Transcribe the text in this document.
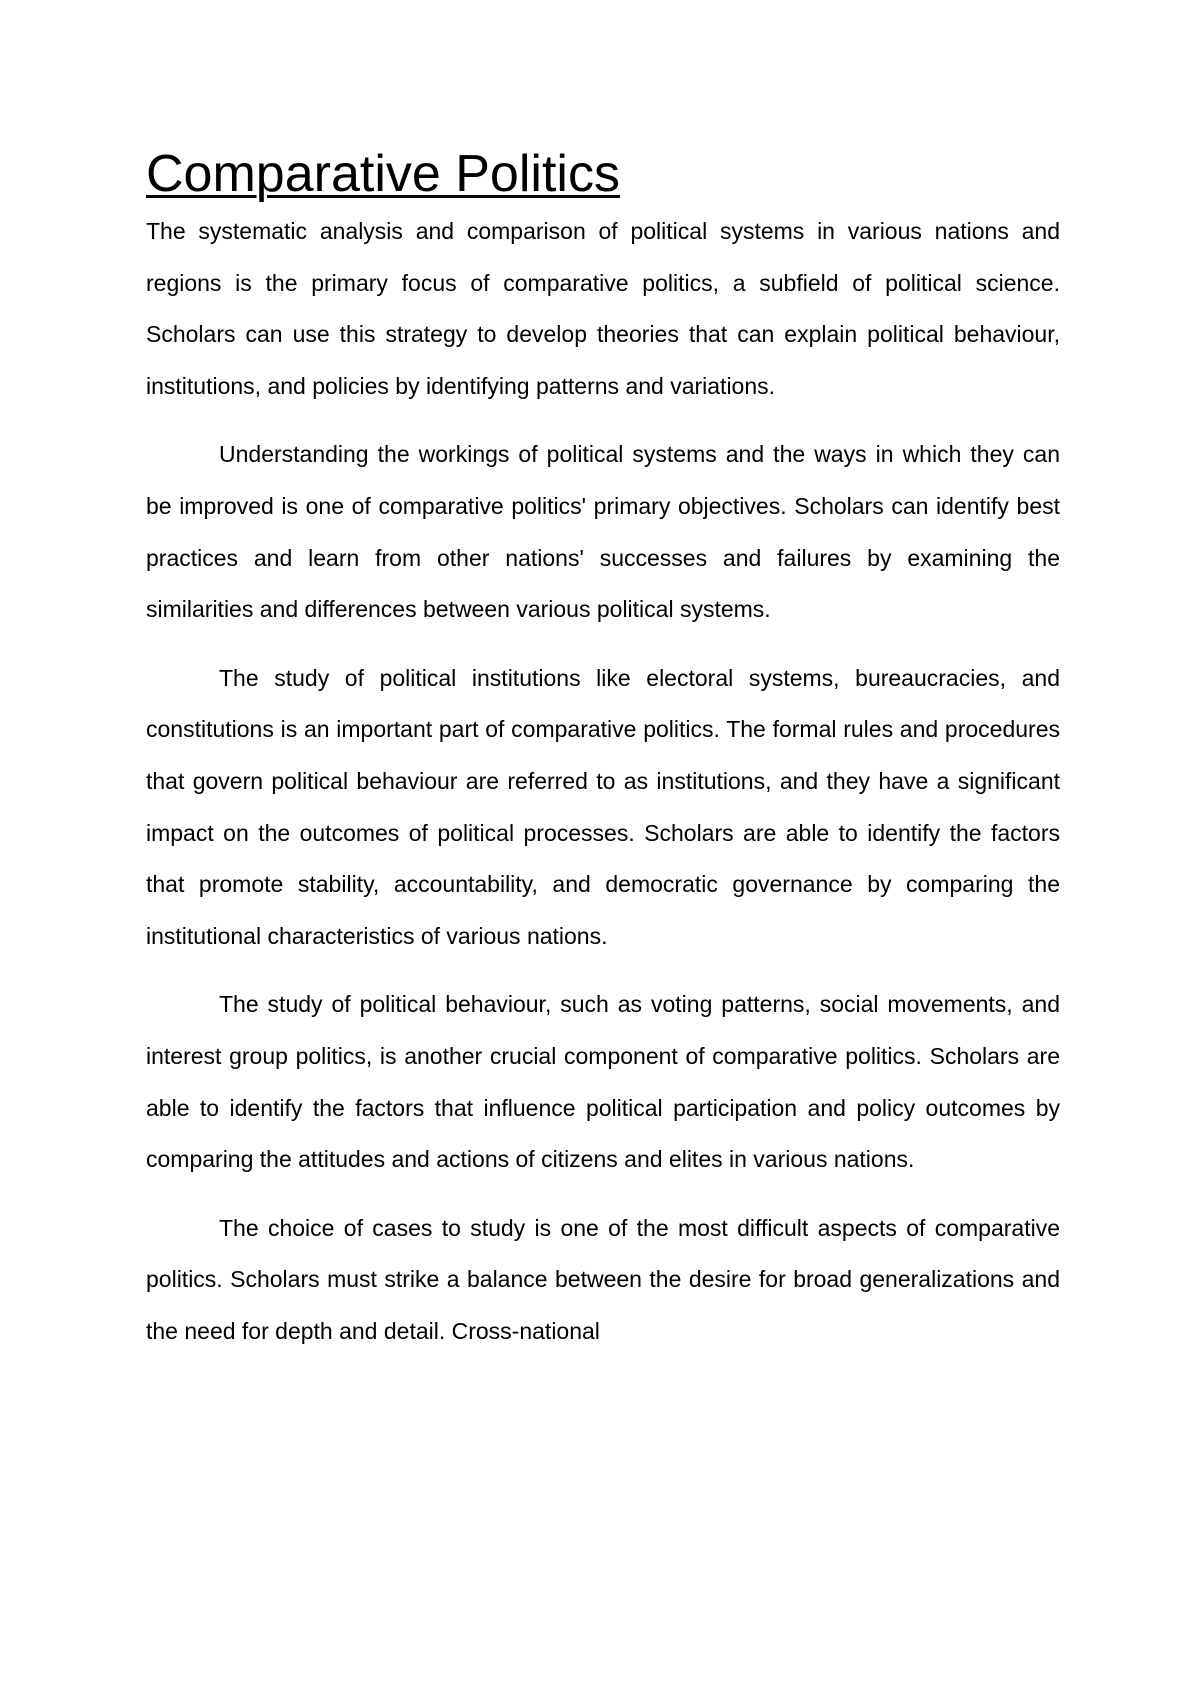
Comparative Politics

The systematic analysis and comparison of political systems in various nations and regions is the primary focus of comparative politics, a subfield of political science. Scholars can use this strategy to develop theories that can explain political behaviour, institutions, and policies by identifying patterns and variations.

Understanding the workings of political systems and the ways in which they can be improved is one of comparative politics' primary objectives. Scholars can identify best practices and learn from other nations' successes and failures by examining the similarities and differences between various political systems.

The study of political institutions like electoral systems, bureaucracies, and constitutions is an important part of comparative politics. The formal rules and procedures that govern political behaviour are referred to as institutions, and they have a significant impact on the outcomes of political processes. Scholars are able to identify the factors that promote stability, accountability, and democratic governance by comparing the institutional characteristics of various nations.

The study of political behaviour, such as voting patterns, social movements, and interest group politics, is another crucial component of comparative politics. Scholars are able to identify the factors that influence political participation and policy outcomes by comparing the attitudes and actions of citizens and elites in various nations.

The choice of cases to study is one of the most difficult aspects of comparative politics. Scholars must strike a balance between the desire for broad generalizations and the need for depth and detail. Cross-national
